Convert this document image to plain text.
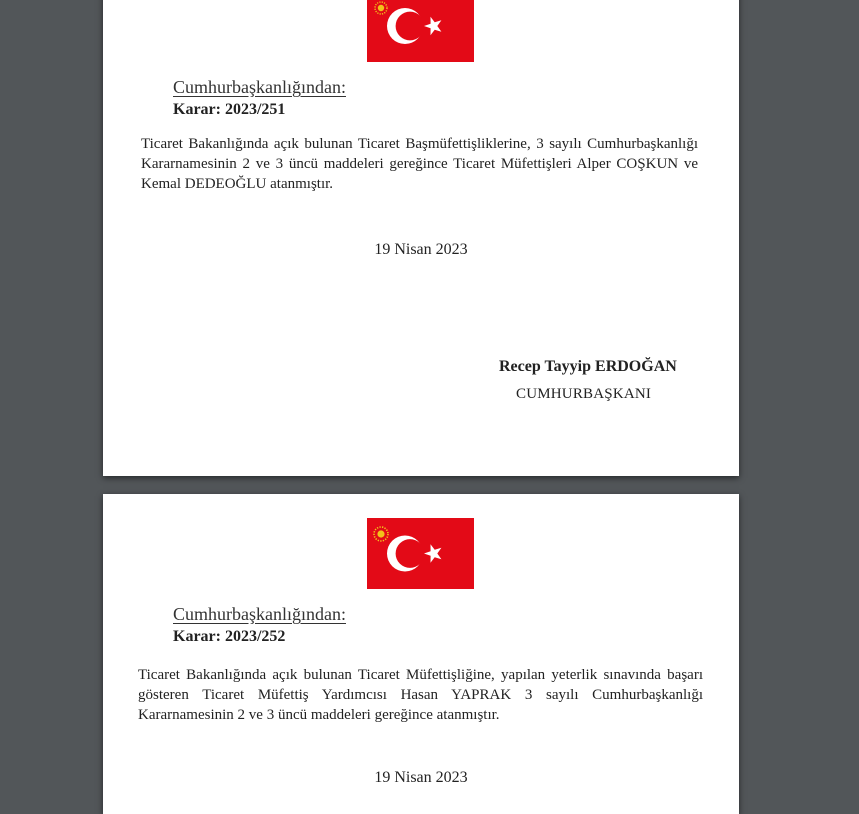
Cumhurbaşkanlığından:
Karar: 2023/251
Ticaret Bakanlığında açık bulunan Ticaret Başmüfettişliklerine, 3 sayılı Cumhurbaşkanlığı Kararnamesinin 2 ve 3 üncü maddeleri gereğince Ticaret Müfettişleri Alper COŞKUN ve Kemal DEDEOĞLU atanmıştır.
19 Nisan 2023
Recep Tayyip ERDOĞAN
CUMHURBAŞKANI
Cumhurbaşkanlığından:
Karar: 2023/252
Ticaret Bakanlığında açık bulunan Ticaret Müfettişliğine, yapılan yeterlik sınavında başarı gösteren Ticaret Müfettiş Yardımcısı Hasan YAPRAK 3 sayılı Cumhurbaşkanlığı Kararnamesinin 2 ve 3 üncü maddeleri gereğince atanmıştır.
19 Nisan 2023
